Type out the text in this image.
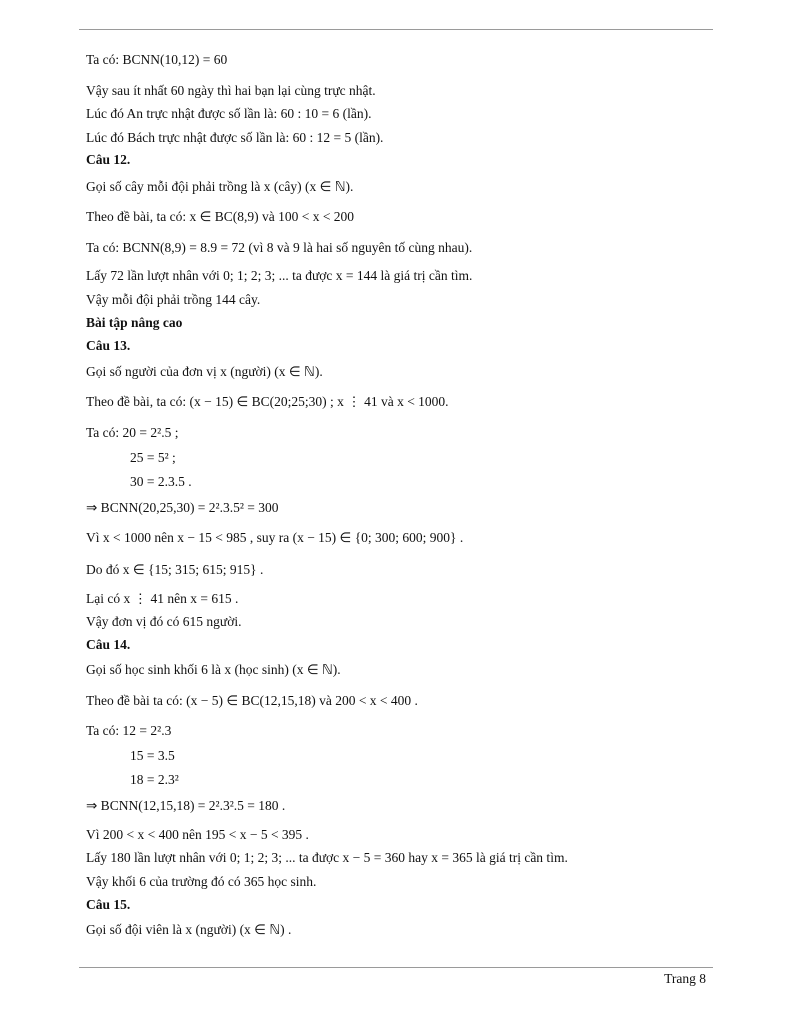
Ta có: BCNN(10,12) = 60
Vậy sau ít nhất 60 ngày thì hai bạn lại cùng trực nhật.
Lúc đó An trực nhật được số lần là: 60 : 10 = 6 (lần).
Lúc đó Bách trực nhật được số lần là: 60 : 12 = 5 (lần).
Câu 12.
Gọi số cây mỗi đội phải trồng là x (cây) (x ∈ ℕ).
Theo đề bài, ta có: x ∈ BC(8,9) và 100 < x < 200
Ta có: BCNN(8,9) = 8.9 = 72 (vì 8 và 9 là hai số nguyên tố cùng nhau).
Lấy 72 lần lượt nhân với 0; 1; 2; 3; ... ta được x = 144 là giá trị cần tìm.
Vậy mỗi đội phải trồng 144 cây.
Bài tập nâng cao
Câu 13.
Gọi số người của đơn vị x (người) (x ∈ ℕ).
Theo đề bài, ta có: (x − 15) ∈ BC(20;25;30) ; x ⋮ 41 và x < 1000.
Ta có: 20 = 2².5 ;
25 = 5² ;
30 = 2.3.5 .
⇒ BCNN(20,25,30) = 2².3.5² = 300
Vì x < 1000 nên x − 15 < 985 , suy ra (x − 15) ∈ {0; 300; 600; 900} .
Do đó x ∈ {15; 315; 615; 915} .
Lại có x ⋮ 41 nên x = 615 .
Vậy đơn vị đó có 615 người.
Câu 14.
Gọi số học sinh khối 6 là x (học sinh) (x ∈ ℕ).
Theo đề bài ta có: (x − 5) ∈ BC(12,15,18) và 200 < x < 400 .
Ta có: 12 = 2².3
15 = 3.5
18 = 2.3²
⇒ BCNN(12,15,18) = 2².3².5 = 180 .
Vì 200 < x < 400 nên 195 < x − 5 < 395 .
Lấy 180 lần lượt nhân với 0; 1; 2; 3; ... ta được x − 5 = 360 hay x = 365 là giá trị cần tìm.
Vậy khối 6 của trường đó có 365 học sinh.
Câu 15.
Gọi số đội viên là x (người) (x ∈ ℕ) .
Trang 8
